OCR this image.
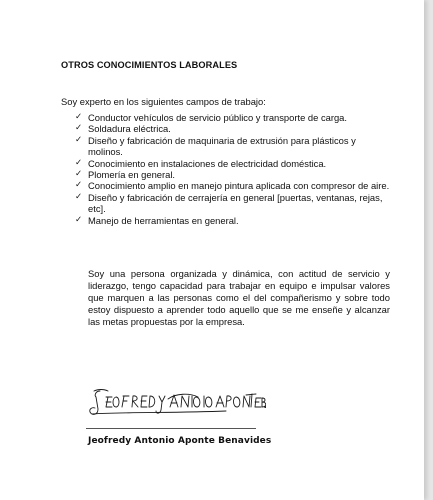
OTROS CONOCIMIENTOS LABORALES
Soy experto en los siguientes campos de trabajo:
✓ Conductor vehículos de servicio público y transporte de carga.
✓ Soldadura eléctrica.
✓ Diseño y fabricación de maquinaria de extrusión para plásticos y molinos.
✓ Conocimiento en instalaciones de electricidad doméstica.
✓ Plomería en general.
✓ Conocimiento amplio en manejo pintura aplicada con compresor de aire.
✓ Diseño y fabricación de cerrajería en general [puertas, ventanas, rejas, etc].
✓ Manejo de herramientas en general.

Soy una persona organizada y dinámica, con actitud de servicio y liderazgo, tengo capacidad para trabajar en equipo e impulsar valores que marquen a las personas como el del compañerismo y sobre todo estoy dispuesto a aprender todo aquello que se me enseñe y alcanzar las metas propuestas por la empresa.

Jeofredy Antonio Aponte Benavides
